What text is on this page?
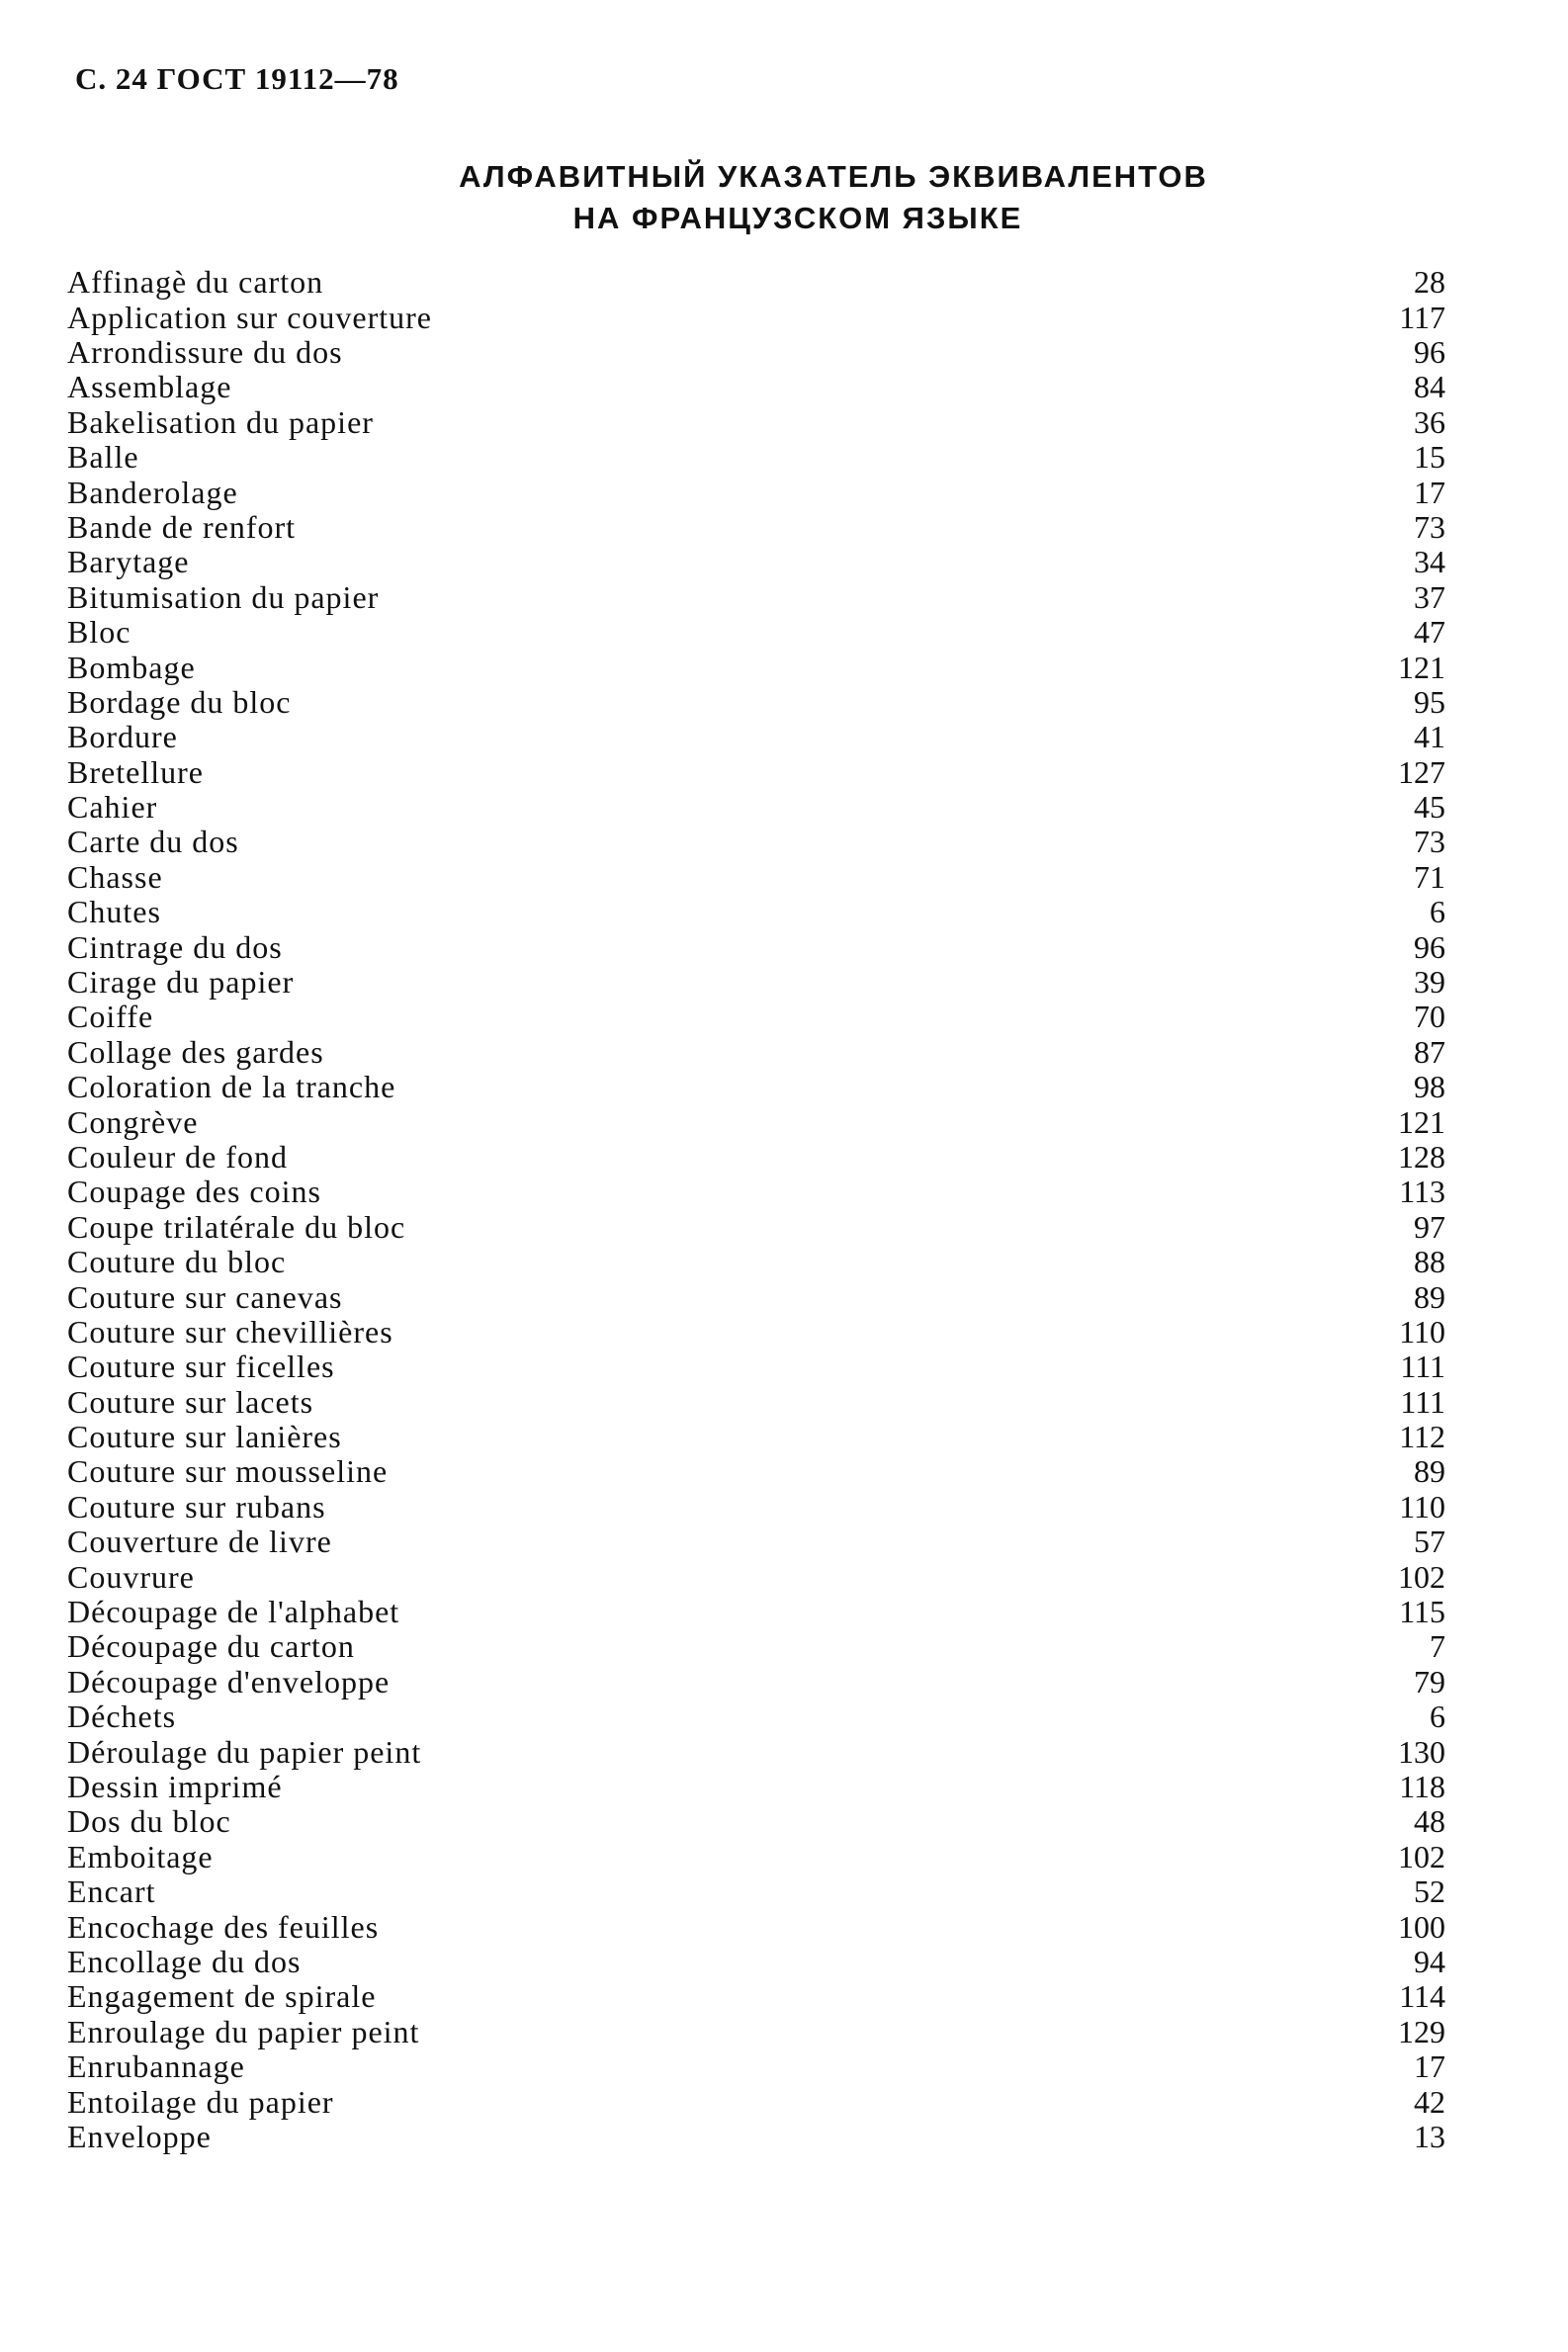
С. 24 ГОСТ 19112—78
АЛФАВИТНЫЙ УКАЗАТЕЛЬ ЭКВИВАЛЕНТОВ
НА ФРАНЦУЗСКОМ ЯЗЫКЕ
Affinagè du carton	28
Application sur couverture	117
Arrondissure du dos	96
Assemblage	84
Bakelisation du papier	36
Balle	15
Banderolage	17
Bande de renfort	73
Barytage	34
Bitumisation du papier	37
Bloc	47
Bombage	121
Bordage du bloc	95
Bordure	41
Bretellure	127
Cahier	45
Carte du dos	73
Chasse	71
Chutes	6
Cintrage du dos	96
Cirage du papier	39
Coiffe	70
Collage des gardes	87
Coloration de la tranche	98
Congrève	121
Couleur de fond	128
Coupage des coins	113
Coupe trilatérale du bloc	97
Couture du bloc	88
Couture sur canevas	89
Couture sur chevillières	110
Couture sur ficelles	111
Couture sur lacets	111
Couture sur lanières	112
Couture sur mousseline	89
Couture sur rubans	110
Couverture de livre	57
Couvrure	102
Découpage de l'alphabet	115
Découpage du carton	7
Découpage d'enveloppe	79
Déchets	6
Déroulage du papier peint	130
Dessin imprimé	118
Dos du bloc	48
Emboitage	102
Encart	52
Encochage des feuilles	100
Encollage du dos	94
Engagement de spirale	114
Enroulage du papier peint	129
Enrubannage	17
Entoilage du papier	42
Enveloppe	13
